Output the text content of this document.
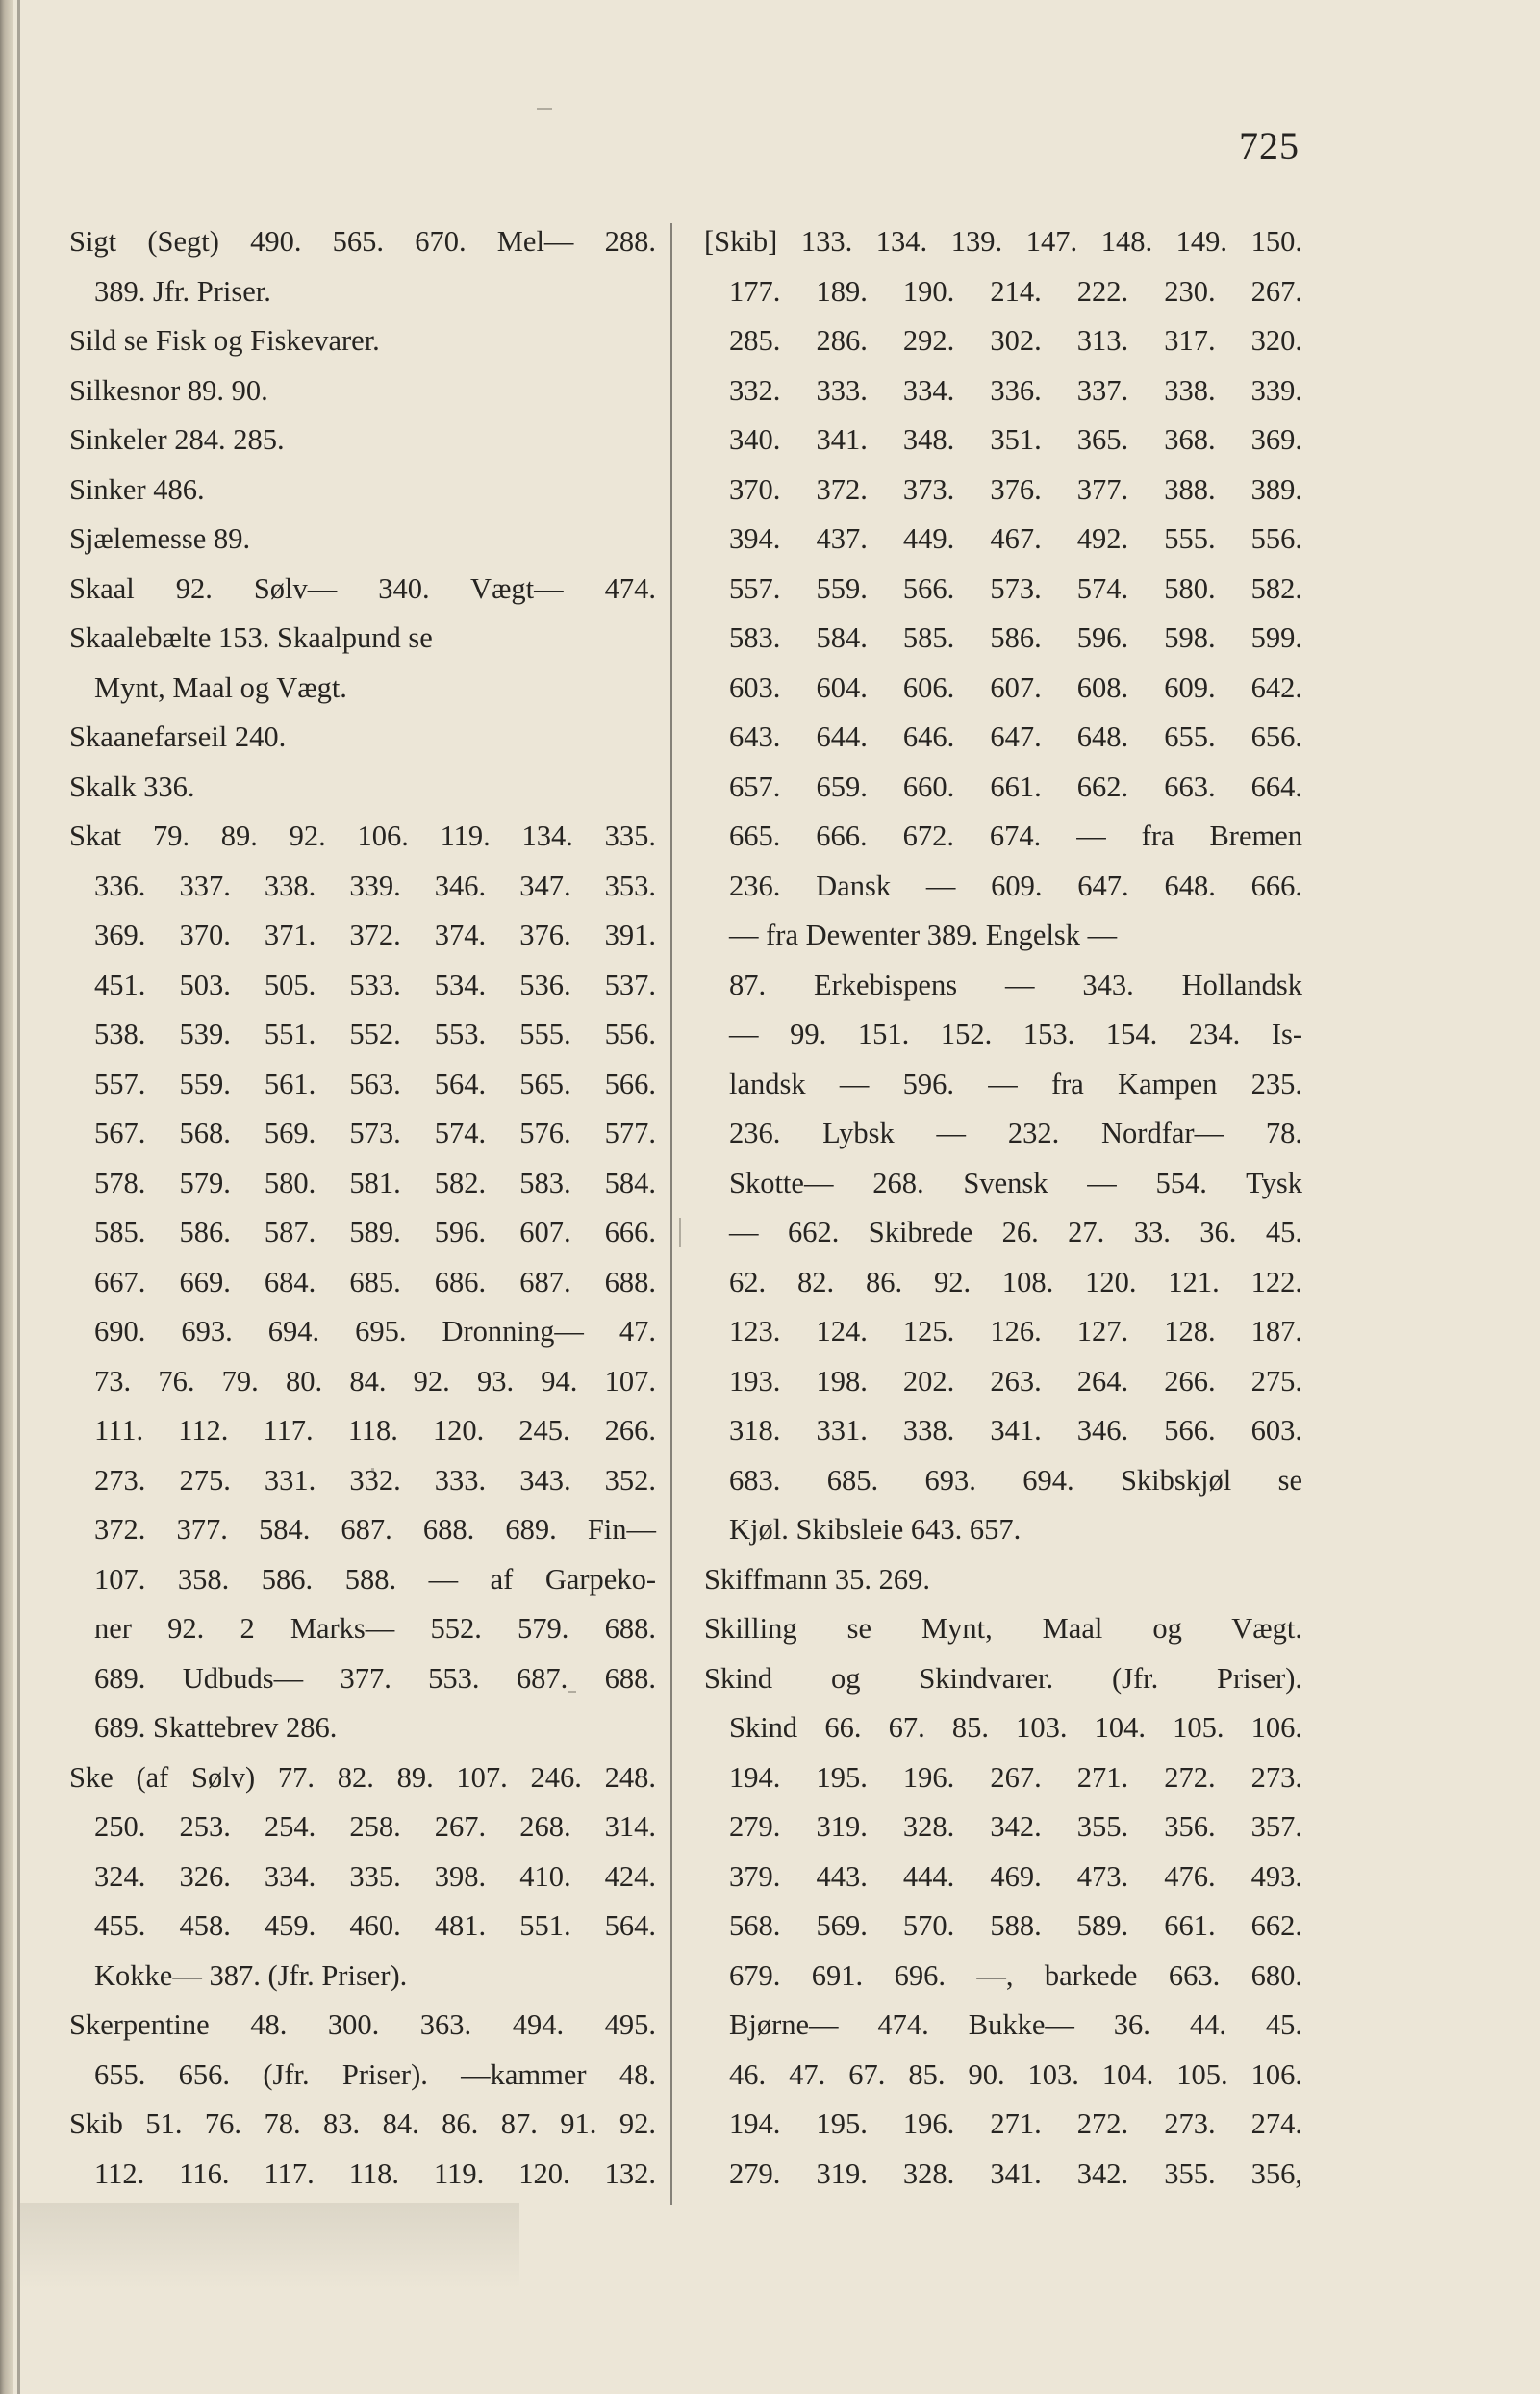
725
Sigt (Segt) 490. 565. 670. Mel— 288.
389. Jfr. Priser.
Sild se Fisk og Fiskevarer.
Silkesnor 89. 90.
Sinkeler 284. 285.
Sinker 486.
Sjælemesse 89.
Skaal 92. Sølv— 340. Vægt— 474.
Skaalebælte 153. Skaalpund se
Mynt, Maal og Vægt.
Skaanefarseil 240.
Skalk 336.
Skat 79. 89. 92. 106. 119. 134. 335.
336. 337. 338. 339. 346. 347. 353.
369. 370. 371. 372. 374. 376. 391.
451. 503. 505. 533. 534. 536. 537.
538. 539. 551. 552. 553. 555. 556.
557. 559. 561. 563. 564. 565. 566.
567. 568. 569. 573. 574. 576. 577.
578. 579. 580. 581. 582. 583. 584.
585. 586. 587. 589. 596. 607. 666.
667. 669. 684. 685. 686. 687. 688.
690. 693. 694. 695. Dronning— 47.
73. 76. 79. 80. 84. 92. 93. 94. 107.
111. 112. 117. 118. 120. 245. 266.
273. 275. 331. 332. 333. 343. 352.
372. 377. 584. 687. 688. 689. Fin—
107. 358. 586. 588. — af Garpeko-
ner 92. 2 Marks— 552. 579. 688.
689. Udbuds— 377. 553. 687. 688.
689. Skattebrev 286.
Ske (af Sølv) 77. 82. 89. 107. 246. 248.
250. 253. 254. 258. 267. 268. 314.
324. 326. 334. 335. 398. 410. 424.
455. 458. 459. 460. 481. 551. 564.
Kokke— 387. (Jfr. Priser).
Skerpentine 48. 300. 363. 494. 495.
655. 656. (Jfr. Priser). —kammer 48.
Skib 51. 76. 78. 83. 84. 86. 87. 91. 92.
112. 116. 117. 118. 119. 120. 132.
[Skib] 133. 134. 139. 147. 148. 149. 150.
177. 189. 190. 214. 222. 230. 267.
285. 286. 292. 302. 313. 317. 320.
332. 333. 334. 336. 337. 338. 339.
340. 341. 348. 351. 365. 368. 369.
370. 372. 373. 376. 377. 388. 389.
394. 437. 449. 467. 492. 555. 556.
557. 559. 566. 573. 574. 580. 582.
583. 584. 585. 586. 596. 598. 599.
603. 604. 606. 607. 608. 609. 642.
643. 644. 646. 647. 648. 655. 656.
657. 659. 660. 661. 662. 663. 664.
665. 666. 672. 674. — fra Bremen
236. Dansk — 609. 647. 648. 666.
— fra Dewenter 389. Engelsk —
87. Erkebispens — 343. Hollandsk
— 99. 151. 152. 153. 154. 234. Is-
landsk — 596. — fra Kampen 235.
236. Lybsk — 232. Nordfar— 78.
Skotte— 268. Svensk — 554. Tysk
— 662. Skibrede 26. 27. 33. 36. 45.
62. 82. 86. 92. 108. 120. 121. 122.
123. 124. 125. 126. 127. 128. 187.
193. 198. 202. 263. 264. 266. 275.
318. 331. 338. 341. 346. 566. 603.
683. 685. 693. 694. Skibskjøl se
Kjøl. Skibsleie 643. 657.
Skiffmann 35. 269.
Skilling se Mynt, Maal og Vægt.
Skind og Skindvarer. (Jfr. Priser).
Skind 66. 67. 85. 103. 104. 105. 106.
194. 195. 196. 267. 271. 272. 273.
279. 319. 328. 342. 355. 356. 357.
379. 443. 444. 469. 473. 476. 493.
568. 569. 570. 588. 589. 661. 662.
679. 691. 696. —, barkede 663. 680.
Bjørne— 474. Bukke— 36. 44. 45.
46. 47. 67. 85. 90. 103. 104. 105. 106.
194. 195. 196. 271. 272. 273. 274.
279. 319. 328. 341. 342. 355. 356,
